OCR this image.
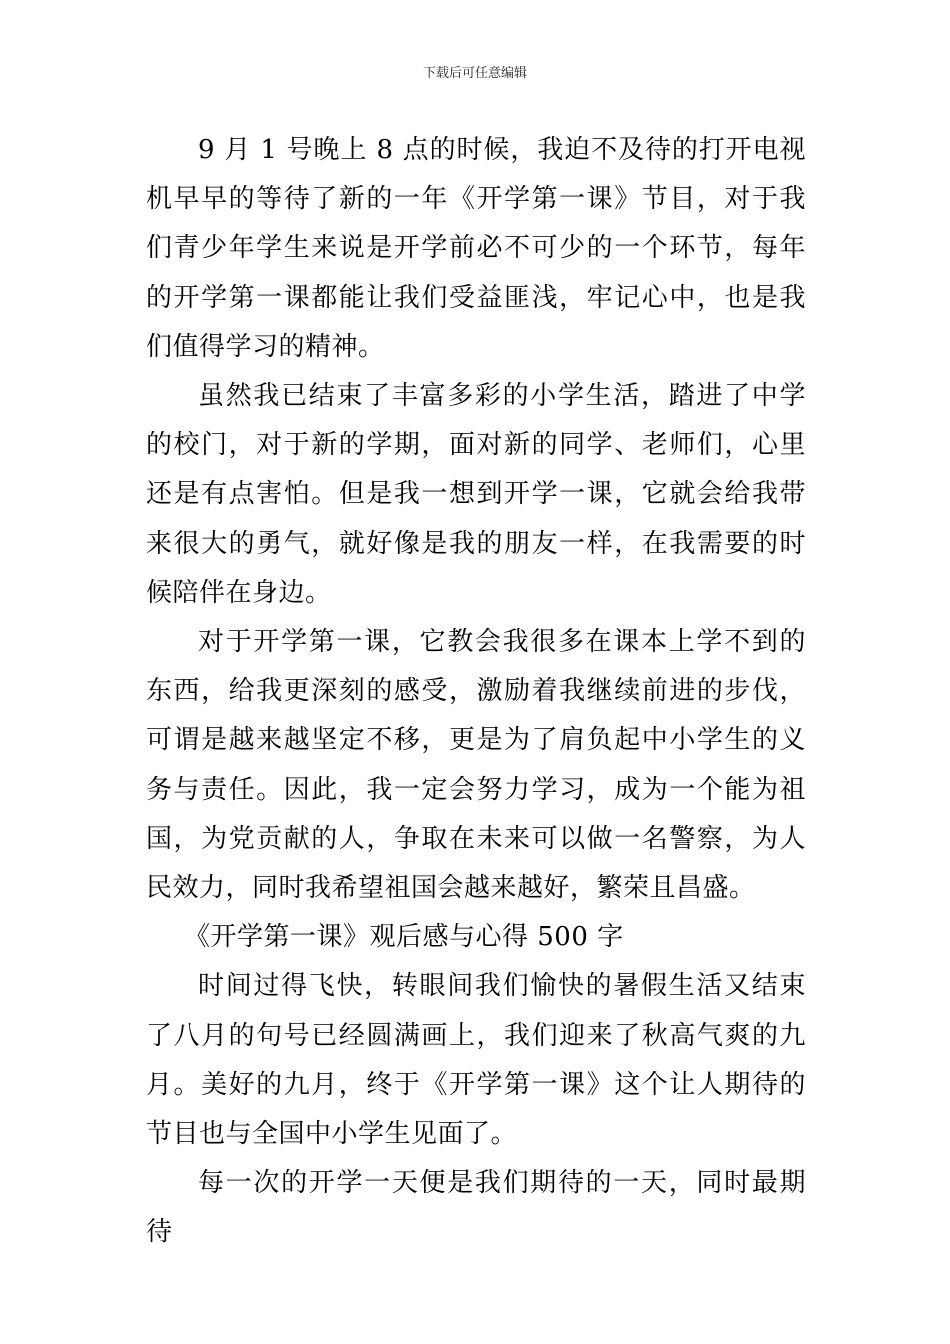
下载后可任意编辑

9 月 1 号晚上 8 点的时候，我迫不及待的打开电视机早早的等待了新的一年《开学第一课》节目，对于我们青少年学生来说是开学前必不可少的一个环节，每年的开学第一课都能让我们受益匪浅，牢记心中，也是我们值得学习的精神。

虽然我已结束了丰富多彩的小学生活，踏进了中学的校门，对于新的学期，面对新的同学、老师们，心里还是有点害怕。但是我一想到开学一课，它就会给我带来很大的勇气，就好像是我的朋友一样，在我需要的时候陪伴在身边。

对于开学第一课，它教会我很多在课本上学不到的东西，给我更深刻的感受，激励着我继续前进的步伐，可谓是越来越坚定不移，更是为了肩负起中小学生的义务与责任。因此，我一定会努力学习，成为一个能为祖国，为党贡献的人，争取在未来可以做一名警察，为人民效力，同时我希望祖国会越来越好，繁荣且昌盛。

《开学第一课》观后感与心得 500 字

时间过得飞快，转眼间我们愉快的暑假生活又结束了八月的句号已经圆满画上，我们迎来了秋高气爽的九月。美好的九月，终于《开学第一课》这个让人期待的节目也与全国中小学生见面了。

每一次的开学一天便是我们期待的一天，同时最期待
